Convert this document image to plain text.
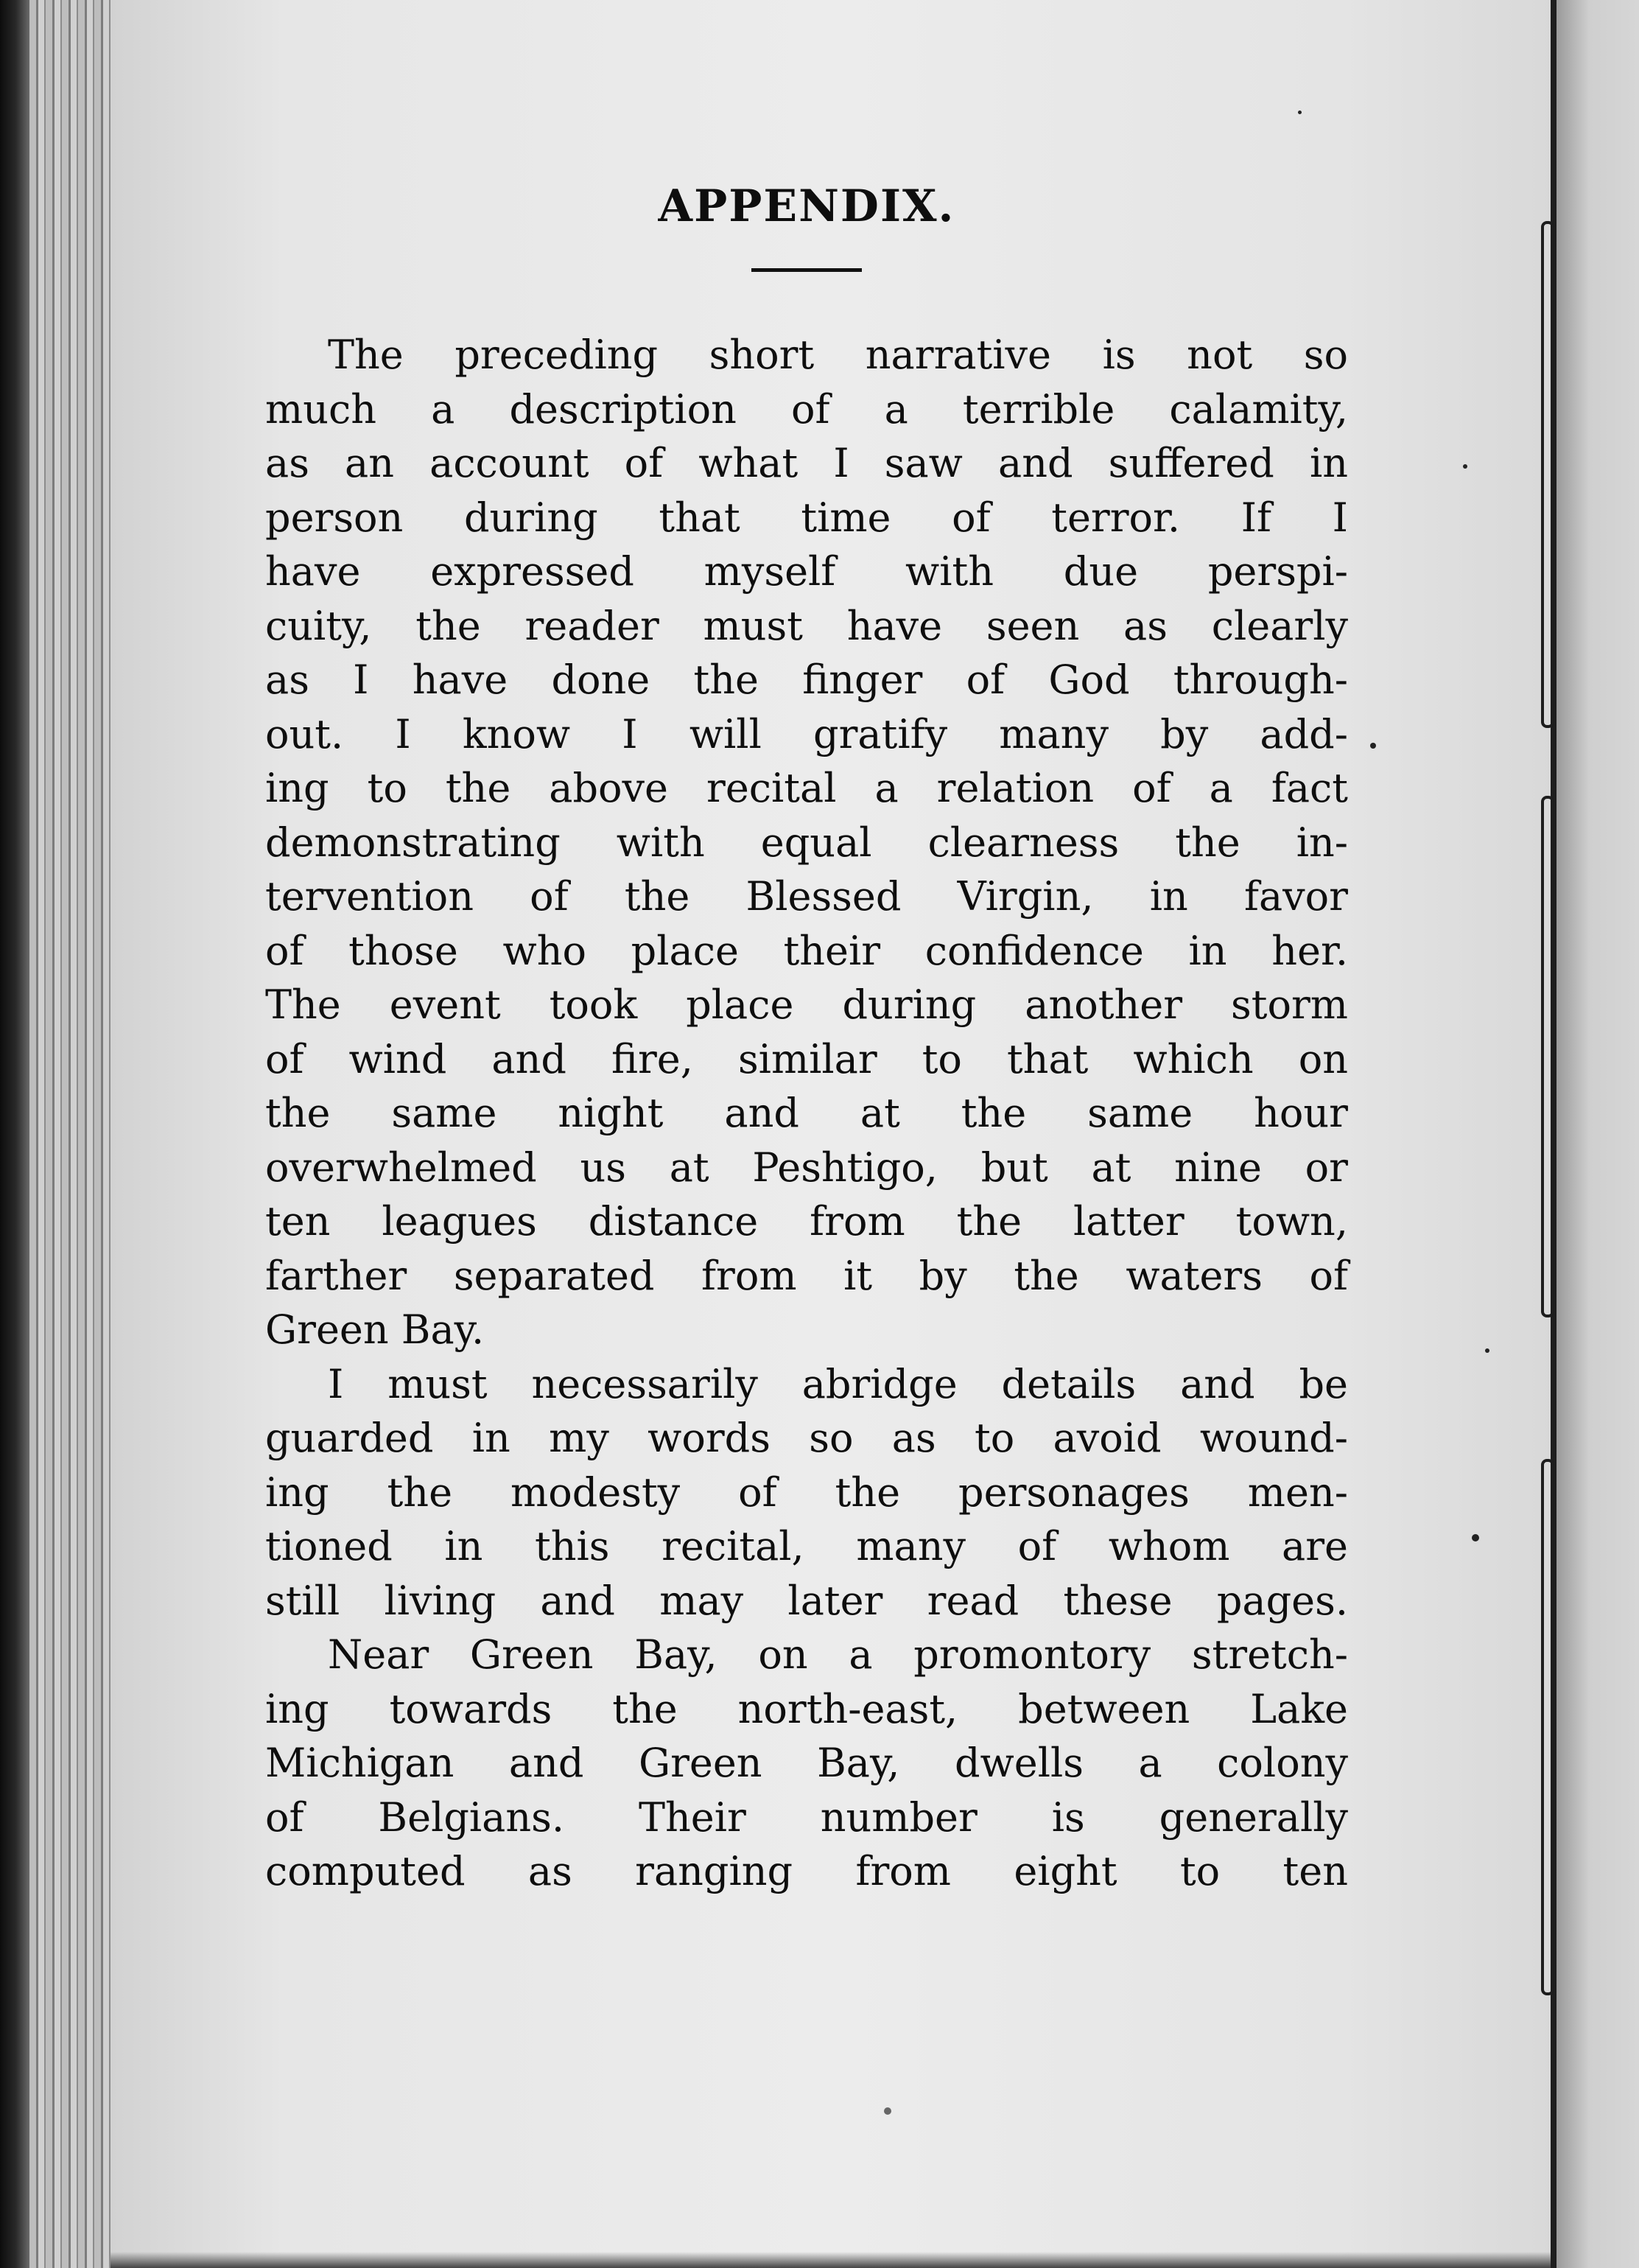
APPENDIX.
The preceding short narrative is not so
much a description of a terrible calamity,
as an account of what I saw and suffered in
person during that time of terror. If I
have expressed myself with due perspi-
cuity, the reader must have seen as clearly
as I have done the finger of God through-
out. I know I will gratify many by add-
ing to the above recital a relation of a fact
demonstrating with equal clearness the in-
tervention of the Blessed Virgin, in favor
of those who place their confidence in her.
The event took place during another storm
of wind and fire, similar to that which on
the same night and at the same hour
overwhelmed us at Peshtigo, but at nine or
ten leagues distance from the latter town,
farther separated from it by the waters of
Green Bay.
I must necessarily abridge details and be
guarded in my words so as to avoid wound-
ing the modesty of the personages men-
tioned in this recital, many of whom are
still living and may later read these pages.
Near Green Bay, on a promontory stretch-
ing towards the north-east, between Lake
Michigan and Green Bay, dwells a colony
of Belgians. Their number is generally
computed as ranging from eight to ten
